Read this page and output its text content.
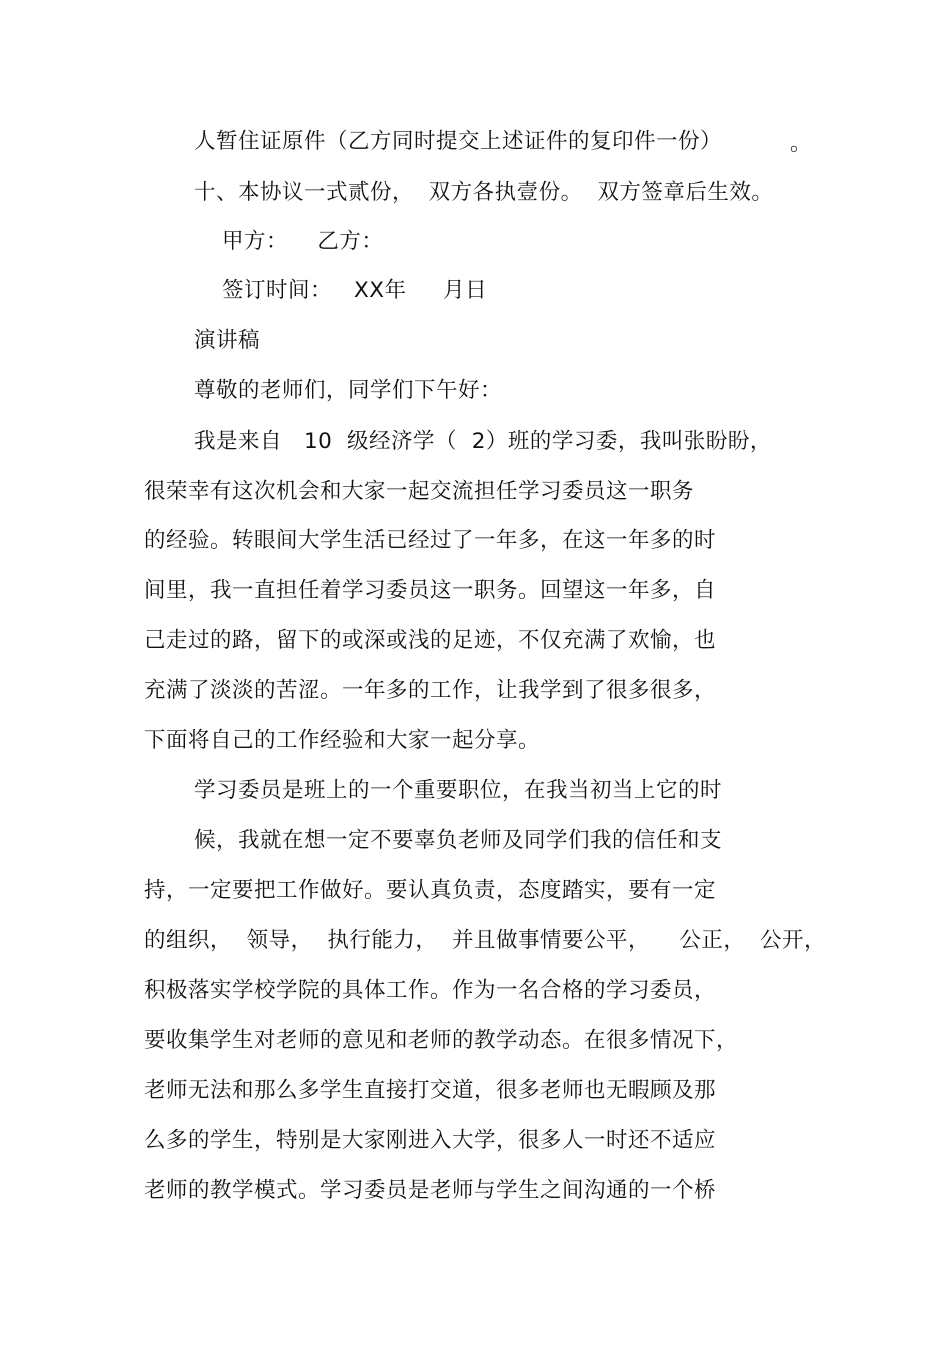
人暂住证原件（乙方同时提交上述证件的复印件一份）	。
十、本协议一式贰份，  双方各执壹份。  双方签章后生效。
甲方：    乙方：
签订时间：   XX年     月日
演讲稿
尊敬的老师们，同学们下午好：
我是来自   10  级经济学（  2）班的学习委，我叫张盼盼，
很荣幸有这次机会和大家一起交流担任学习委员这一职务
的经验。转眼间大学生活已经过了一年多，在这一年多的时
间里，我一直担任着学习委员这一职务。回望这一年多，自
己走过的路，留下的或深或浅的足迹，不仅充满了欢愉，也
充满了淡淡的苦涩。一年多的工作，让我学到了很多很多，
下面将自己的工作经验和大家一起分享。
学习委员是班上的一个重要职位，在我当初当上它的时
候，我就在想一定不要辜负老师及同学们我的信任和支
持，一定要把工作做好。要认真负责，态度踏实，要有一定
的组织，  领导，  执行能力，  并且做事情要公平，    公正，  公开，
积极落实学校学院的具体工作。作为一名合格的学习委员，
要收集学生对老师的意见和老师的教学动态。在很多情况下，
老师无法和那么多学生直接打交道，很多老师也无暇顾及那
么多的学生，特别是大家刚进入大学，很多人一时还不适应
老师的教学模式。学习委员是老师与学生之间沟通的一个桥
